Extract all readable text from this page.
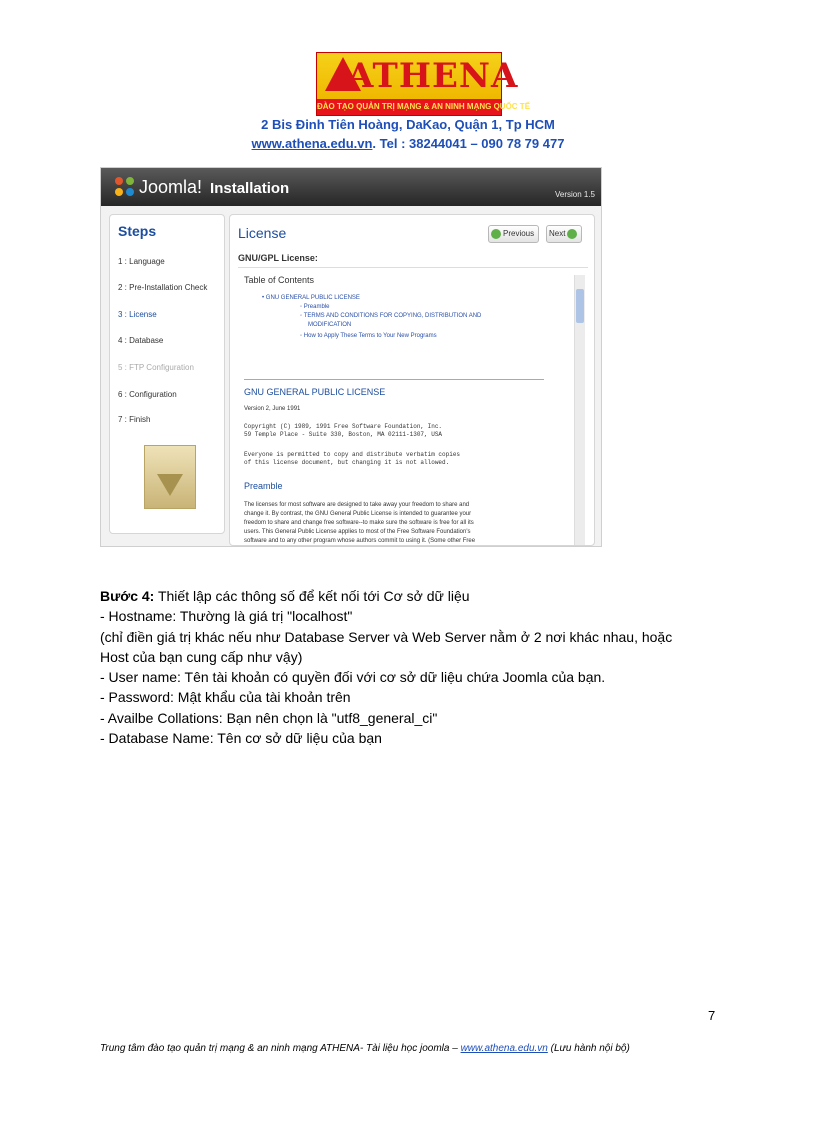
ATHENA
ĐÀO TẠO QUẢN TRỊ MẠNG & AN NINH MẠNG QUỐC TẾ
2 Bis Đinh Tiên Hoàng, DaKao, Quận 1, Tp HCM
www.athena.edu.vn. Tel : 38244041 – 090 78 79 477
Joomla! Installation	Version 1.5
Steps
1 : Language
2 : Pre-Installation Check
3 : License
4 : Database
5 : FTP Configuration
6 : Configuration
7 : Finish
License	Previous	Next
GNU/GPL License:
Table of Contents
• GNU GENERAL PUBLIC LICENSE
◦ Preamble
◦ TERMS AND CONDITIONS FOR COPYING, DISTRIBUTION AND
MODIFICATION
◦ How to Apply These Terms to Your New Programs
GNU GENERAL PUBLIC LICENSE
Version 2, June 1991
Copyright (C) 1989, 1991 Free Software Foundation, Inc.
59 Temple Place - Suite 330, Boston, MA 02111-1307, USA
Everyone is permitted to copy and distribute verbatim copies
of this license document, but changing it is not allowed.
Preamble
The licenses for most software are designed to take away your freedom to share and
change it. By contrast, the GNU General Public License is intended to guarantee your
freedom to share and change free software--to make sure the software is free for all its
users. This General Public License applies to most of the Free Software Foundation's
software and to any other program whose authors commit to using it. (Some other Free
Bước 4: Thiết lập các thông số để kết nối tới Cơ sở dữ liệu
- Hostname: Thường là giá trị "localhost"
(chỉ điền giá trị khác nếu như Database Server và Web Server nằm ở 2 nơi khác nhau, hoặc
Host của bạn cung cấp như vậy)
- User name: Tên tài khoản có quyền đối với cơ sở dữ liệu chứa Joomla của bạn.
- Password: Mật khẩu của tài khoản trên
- Availbe Collations: Bạn nên chọn là "utf8_general_ci"
- Database Name: Tên cơ sở dữ liệu của bạn
7
Trung tâm đào tạo quản trị mạng & an ninh mạng ATHENA- Tài liệu học joomla – www.athena.edu.vn (Lưu hành nội bộ)
